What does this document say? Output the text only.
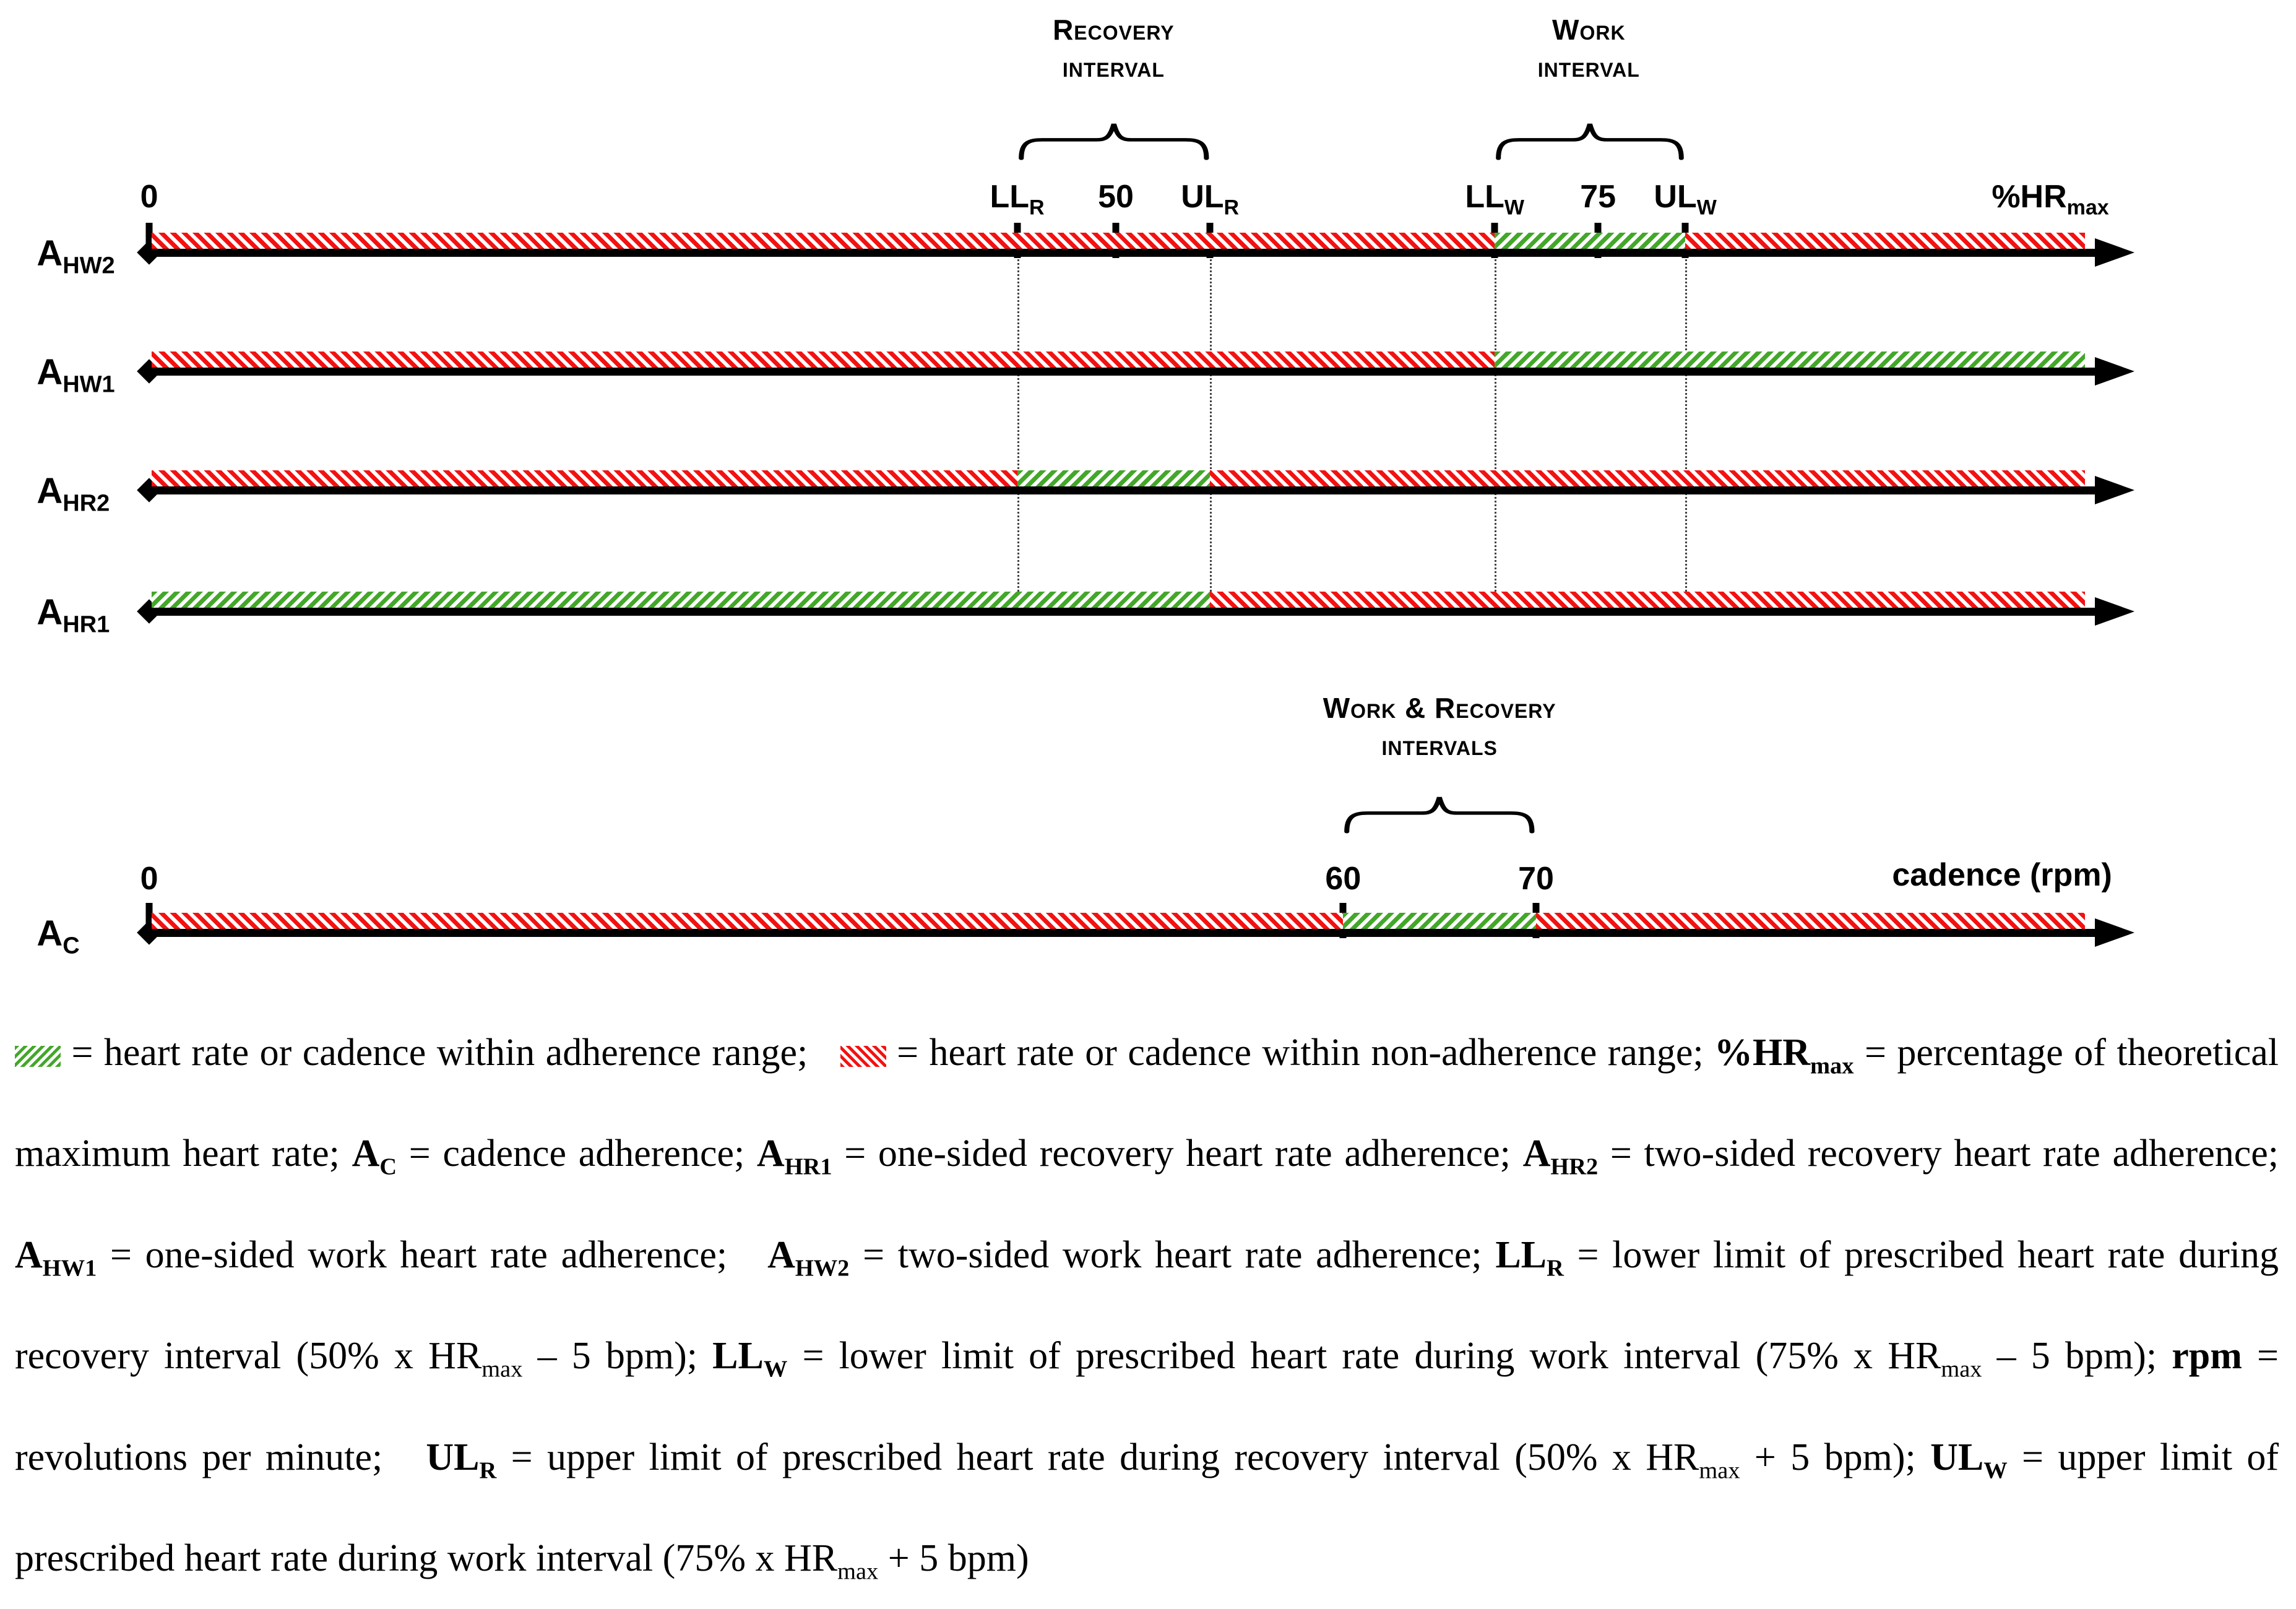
Recovery
interval
Work
interval
Work & Recovery
intervals
0	$LL_R$ 50 $UL_R$	$LL_W$ 75 $UL_W$	$\%HR_{max}$
$A_{HW2}$
$A_{HW1}$
$A_{HR2}$
$A_{HR1}$
0	60	70	cadence (rpm)
$A_C$
= heart rate or cadence within adherence range;    = heart rate or cadence within non-adherence range; $\%HR_{max}$ = percentage of theoretical maximum heart rate; $A_C$ = cadence adherence; $A_{HR1}$ = one-sided recovery heart rate adherence; $A_{HR2}$ = two-sided recovery heart rate adherence; $A_{HW1}$ = one-sided work heart rate adherence;   $A_{HW2}$ = two-sided work heart rate adherence; $LL_R$ = lower limit of prescribed heart rate during recovery interval (50% x $HR_{max} - 5$ bpm); $LL_W$ = lower limit of prescribed heart rate during work interval (75% x $HR_{max} - 5$ bpm); rpm = revolutions per minute;   $UL_R$ = upper limit of prescribed heart rate during recovery interval (50% x $HR_{max} + 5$ bpm); $UL_W$ = upper limit of prescribed heart rate during work interval (75% x $HR_{max} + 5$ bpm)
